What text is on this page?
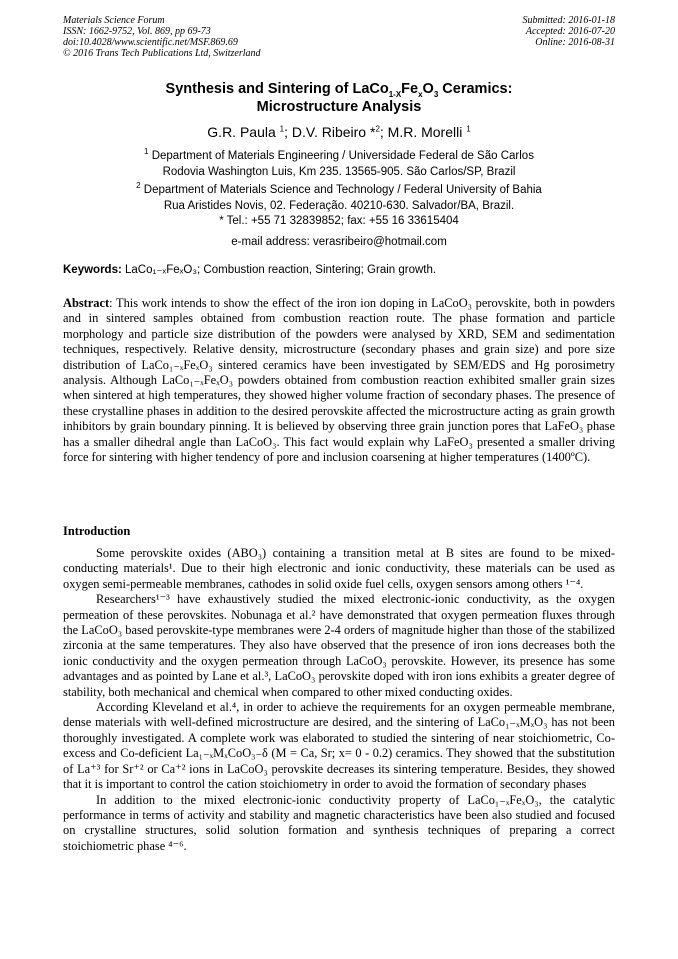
Materials Science Forum
ISSN: 1662-9752, Vol. 869, pp 69-73
doi:10.4028/www.scientific.net/MSF.869.69
© 2016 Trans Tech Publications Ltd, Switzerland
Submitted: 2016-01-18
Accepted: 2016-07-20
Online: 2016-08-31
Synthesis and Sintering of $LaCo_{1-X}Fe_xO_3$ Ceramics:
Microstructure Analysis
G.R. Paula $^1$; D.V. Ribeiro *$^2$; M.R. Morelli $^1$
$^1$ Department of Materials Engineering / Universidade Federal de São Carlos
Rodovia Washington Luis, Km 235. 13565-905. São Carlos/SP, Brazil
$^2$ Department of Materials Science and Technology / Federal University of Bahia
Rua Aristides Novis, 02. Federação. 40210-630. Salvador/BA, Brazil.
* Tel.: +55 71 32839852; fax: +55 16 33615404
e-mail address: verasribeiro@hotmail.com
Keywords: LaCo₁₋ₓFeₓO₃; Combustion reaction, Sintering; Grain growth.

Abstract: This work intends to show the effect of the iron ion doping in LaCoO₃ perovskite, both in powders and in sintered samples obtained from combustion reaction route. The phase formation and particle morphology and particle size distribution of the powders were analysed by XRD, SEM and sedimentation techniques, respectively. Relative density, microstructure (secondary phases and grain size) and pore size distribution of LaCo₁₋ₓFeₓO₃ sintered ceramics have been investigated by SEM/EDS and Hg porosimetry analysis. Although LaCo₁₋ₓFeₓO₃ powders obtained from combustion reaction exhibited smaller grain sizes when sintered at high temperatures, they showed higher volume fraction of secondary phases. The presence of these crystalline phases in addition to the desired perovskite affected the microstructure acting as grain growth inhibitors by grain boundary pinning. It is believed by observing three grain junction pores that LaFeO₃ phase has a smaller dihedral angle than LaCoO₃. This fact would explain why LaFeO₃ presented a smaller driving force for sintering with higher tendency of pore and inclusion coarsening at higher temperatures (1400ºC).

Introduction

Some perovskite oxides (ABO₃) containing a transition metal at B sites are found to be mixed-conducting materials¹. Due to their high electronic and ionic conductivity, these materials can be used as oxygen semi-permeable membranes, cathodes in solid oxide fuel cells, oxygen sensors among others ¹⁻⁴.

Researchers¹⁻³ have exhaustively studied the mixed electronic-ionic conductivity, as the oxygen permeation of these perovskites. Nobunaga et al.² have demonstrated that oxygen permeation fluxes through the LaCoO₃ based perovskite-type membranes were 2-4 orders of magnitude higher than those of the stabilized zirconia at the same temperatures. They also have observed that the presence of iron ions decreases both the ionic conductivity and the oxygen permeation through LaCoO₃ perovskite. However, its presence has some advantages and as pointed by Lane et al.³, LaCoO₃ perovskite doped with iron ions exhibits a greater degree of stability, both mechanical and chemical when compared to other mixed conducting oxides.

According Kleveland et al.⁴, in order to achieve the requirements for an oxygen permeable membrane, dense materials with well-defined microstructure are desired, and the sintering of LaCo₁₋ₓMₓO₃ has not been thoroughly investigated. A complete work was elaborated to studied the sintering of near stoichiometric, Co-excess and Co-deficient La₁₋ₓMₓCoO₃₋δ (M = Ca, Sr; x= 0 - 0.2) ceramics. They showed that the substitution of La⁺³ for Sr⁺² or Ca⁺² ions in LaCoO₃ perovskite decreases its sintering temperature. Besides, they showed that it is important to control the cation stoichiometry in order to avoid the formation of secondary phases

In addition to the mixed electronic-ionic conductivity property of LaCo₁₋ₓFeₓO₃, the catalytic performance in terms of activity and stability and magnetic characteristics have been also studied and focused on crystalline structures, solid solution formation and synthesis techniques of preparing a correct stoichiometric phase ⁴⁻⁶.
